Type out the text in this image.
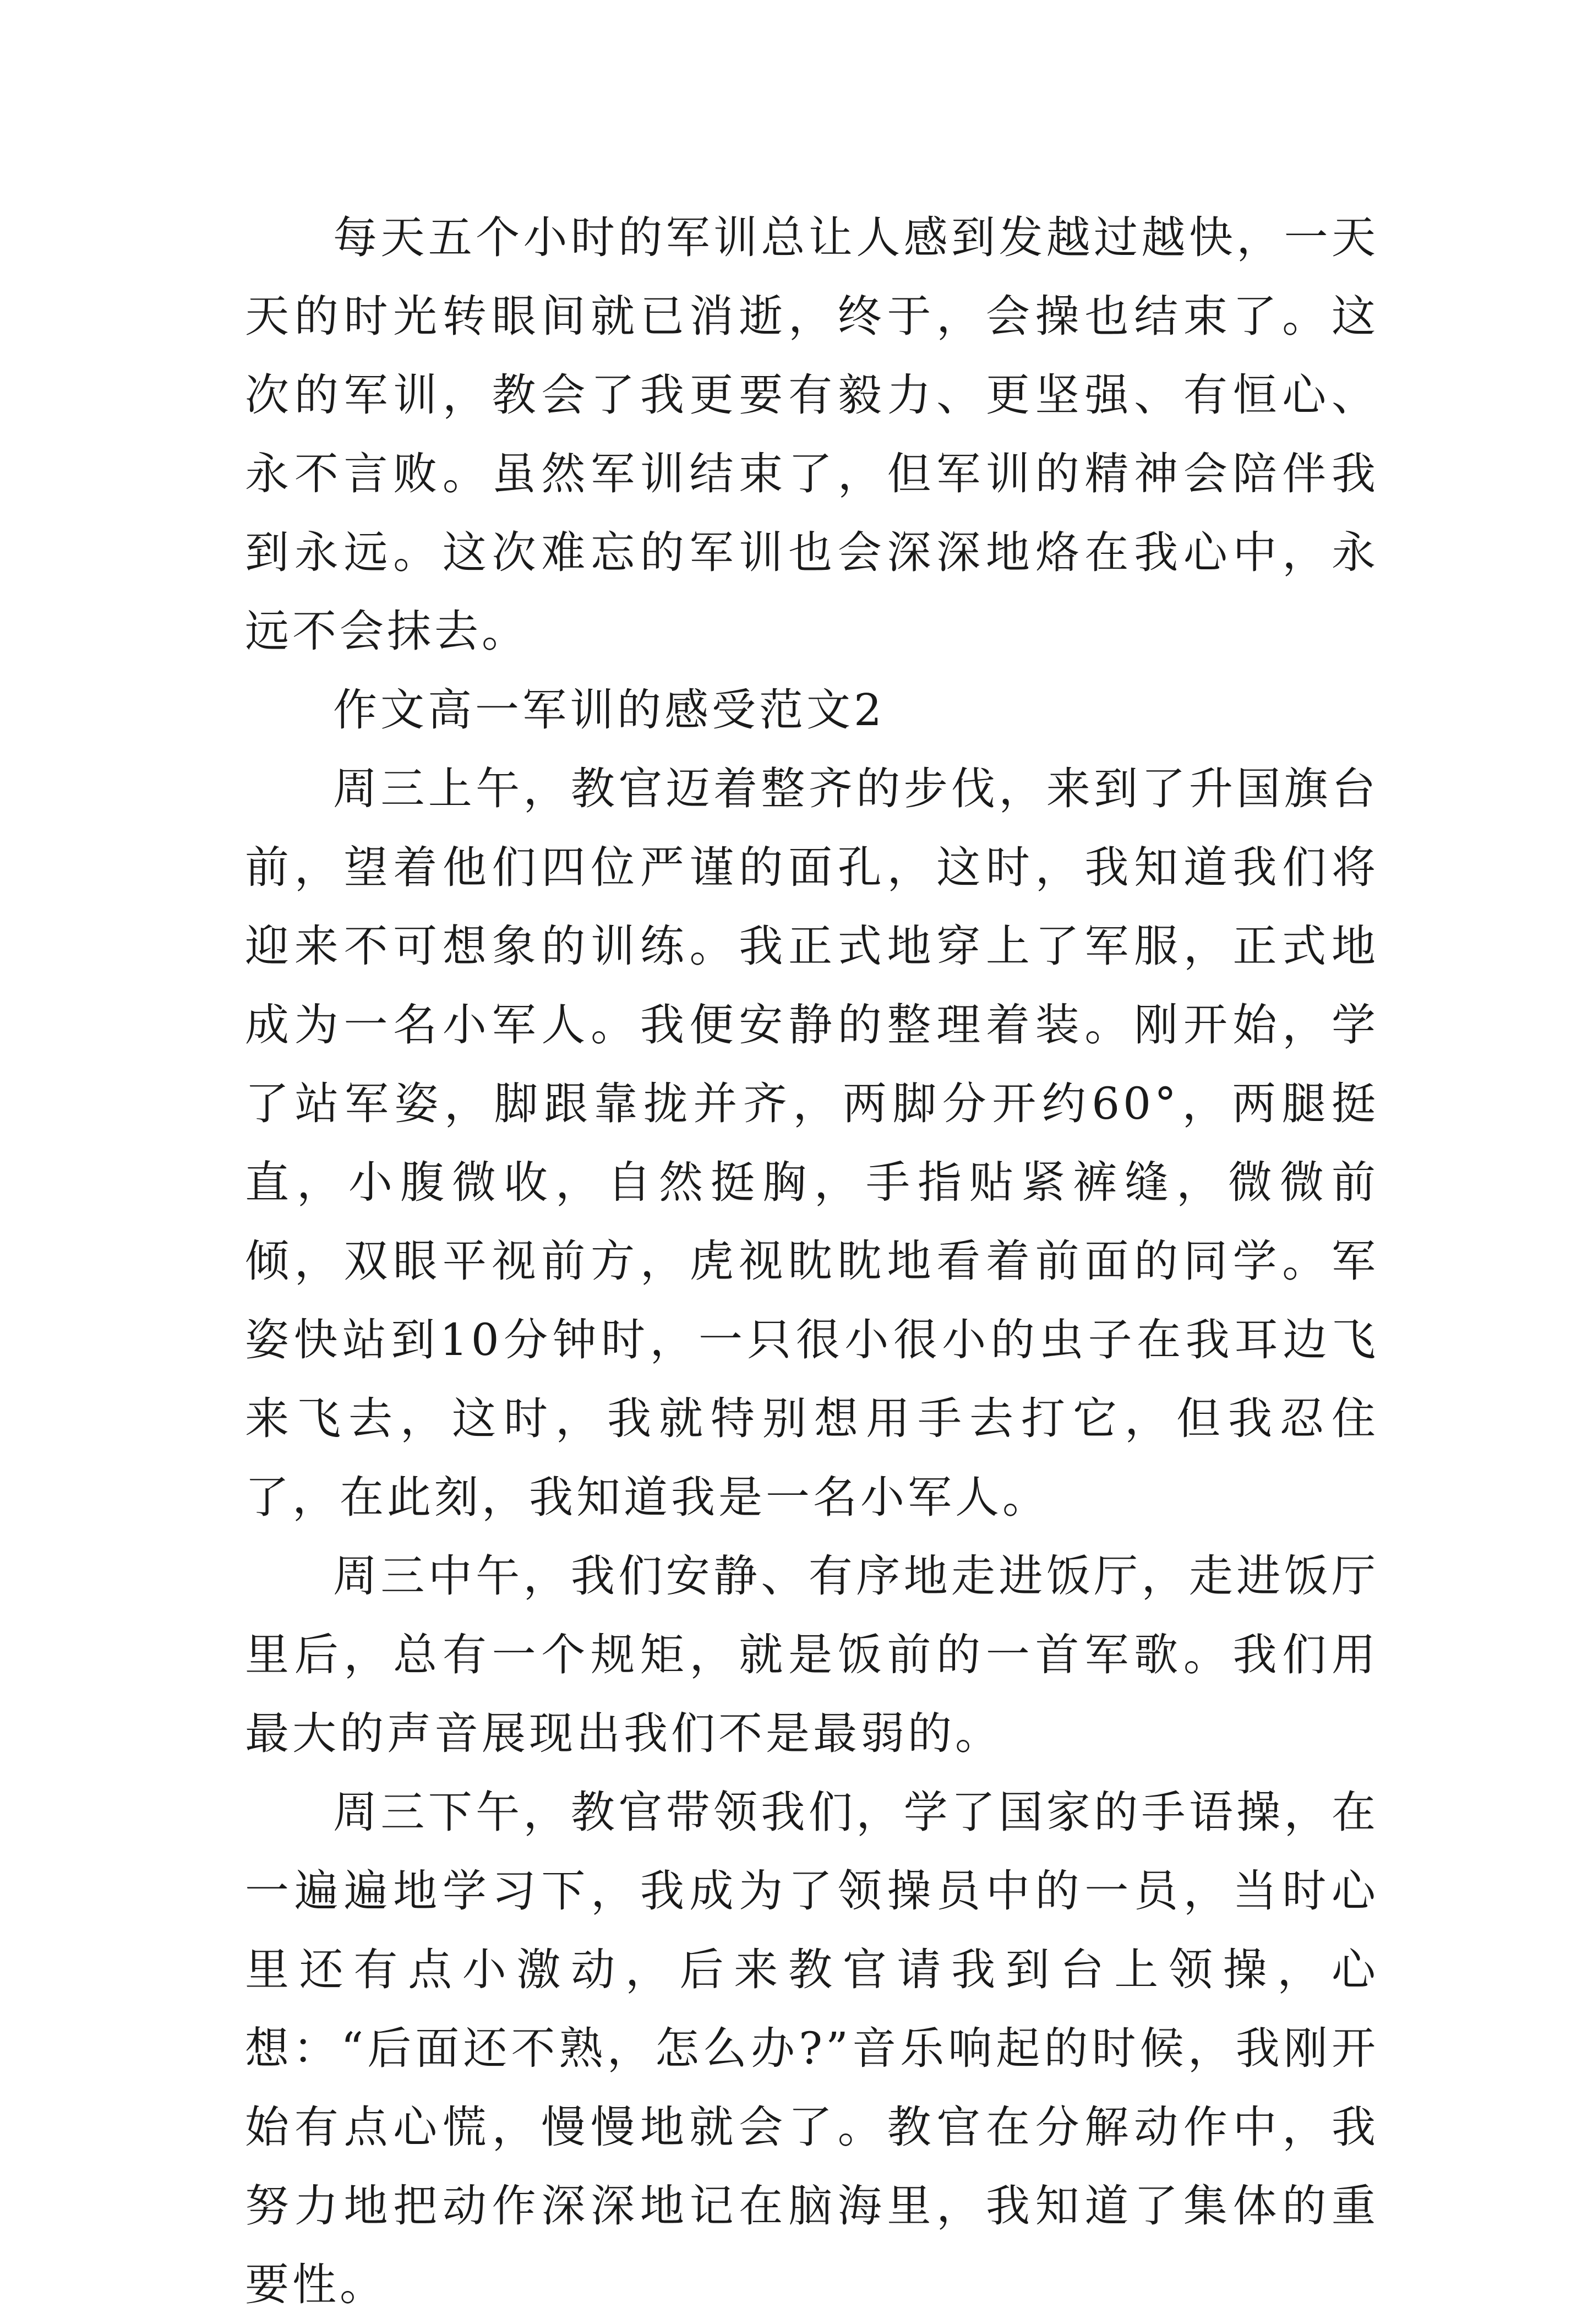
每天五个小时的军训总让人感到发越过越快，一天天的时光转眼间就已消逝，终于，会操也结束了。这次的军训，教会了我更要有毅力、更坚强、有恒心、永不言败。虽然军训结束了，但军训的精神会陪伴我到永远。这次难忘的军训也会深深地烙在我心中，永远不会抹去。

作文高一军训的感受范文2

周三上午，教官迈着整齐的步伐，来到了升国旗台前，望着他们四位严谨的面孔，这时，我知道我们将迎来不可想象的训练。我正式地穿上了军服，正式地成为一名小军人。我便安静的整理着装。刚开始，学了站军姿，脚跟靠拢并齐，两脚分开约60°，两腿挺直，小腹微收，自然挺胸，手指贴紧裤缝，微微前倾，双眼平视前方，虎视眈眈地看着前面的同学。军姿快站到10分钟时，一只很小很小的虫子在我耳边飞来飞去，这时，我就特别想用手去打它，但我忍住了，在此刻，我知道我是一名小军人。

周三中午，我们安静、有序地走进饭厅，走进饭厅里后，总有一个规矩，就是饭前的一首军歌。我们用最大的声音展现出我们不是最弱的。

周三下午，教官带领我们，学了国家的手语操，在一遍遍地学习下，我成为了领操员中的一员，当时心里还有点小激动，后来教官请我到台上领操，心想：“后面还不熟，怎么办?”音乐响起的时候，我刚开始有点心慌，慢慢地就会了。教官在分解动作中，我努力地把动作深深地记在脑海里，我知道了集体的重要性。
